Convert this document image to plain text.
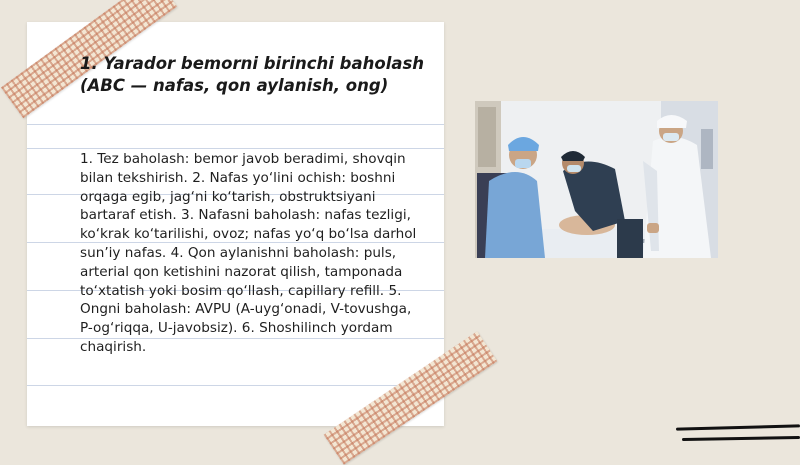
1. Yarador bemorni birinchi baholash (ABC — nafas, qon aylanish, ong)

1. Tez baholash: bemor javob beradimi, shovqin bilan tekshirish. 2. Nafas yo‘lini ochish: boshni orqaga egib, jag‘ni ko‘tarish, obstruktsiyani bartaraf etish. 3. Nafasni baholash: nafas tezligi, ko‘krak ko‘tarilishi, ovoz; nafas yo‘q bo‘lsa darhol sun’iy nafas. 4. Qon aylanishni baholash: puls, arterial qon ketishini nazorat qilish, tamponada to‘xtatish yoki bosim qo‘llash, capillary refill. 5. Ongni baholash: AVPU (A-uyg‘onadi, V-tovushga, P-og‘riqqa, U-javobsiz). 6. Shoshilinch yordam chaqirish.
